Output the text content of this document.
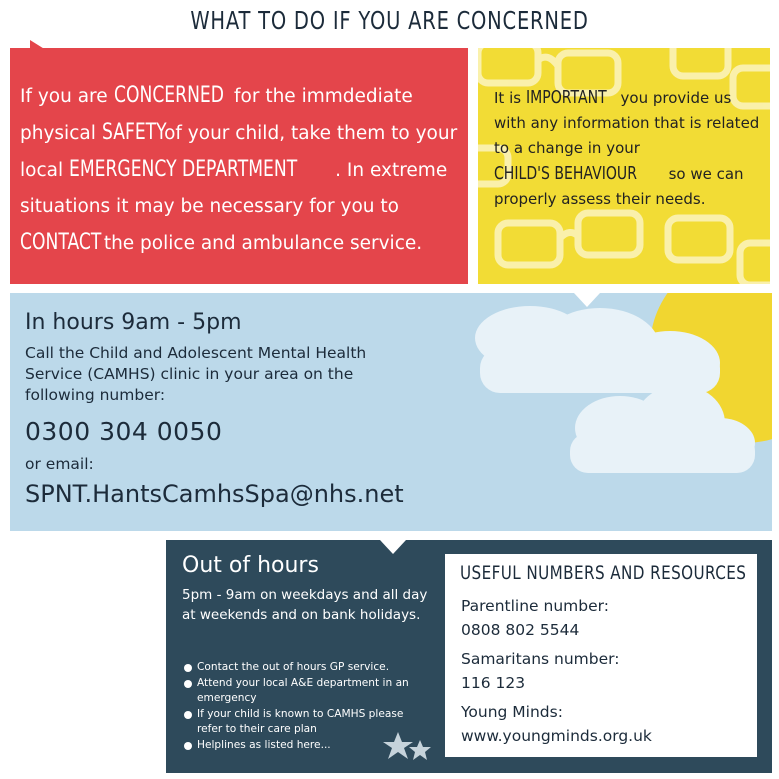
WHAT TO DO IF YOU ARE CONCERNED
If you are CONCERNED for the immdediate physical SAFETY of your child, take them to your local EMERGENCY DEPARTMENT . In extreme situations it may be necessary for you to CONTACT the police and ambulance service.
It is IMPORTANT you provide us with any information that is related to a change in your CHILD'S BEHAVIOUR so we can properly assess their needs.
In hours 9am - 5pm
Call the Child and Adolescent Mental Health Service (CAMHS) clinic in your area on the following number:
0300 304 0050
or email:
SPNT.HantsCamhsSpa@nhs.net
Out of hours
5pm - 9am on weekdays and all day at weekends and on bank holidays.
Contact the out of hours GP service.
Attend your local A&E department in an emergency
If your child is known to CAMHS please refer to their care plan
Helplines as listed here...
USEFUL NUMBERS AND RESOURCES
Parentline number:
0808 802 5544
Samaritans number:
116 123
Young Minds:
www.youngminds.org.uk
